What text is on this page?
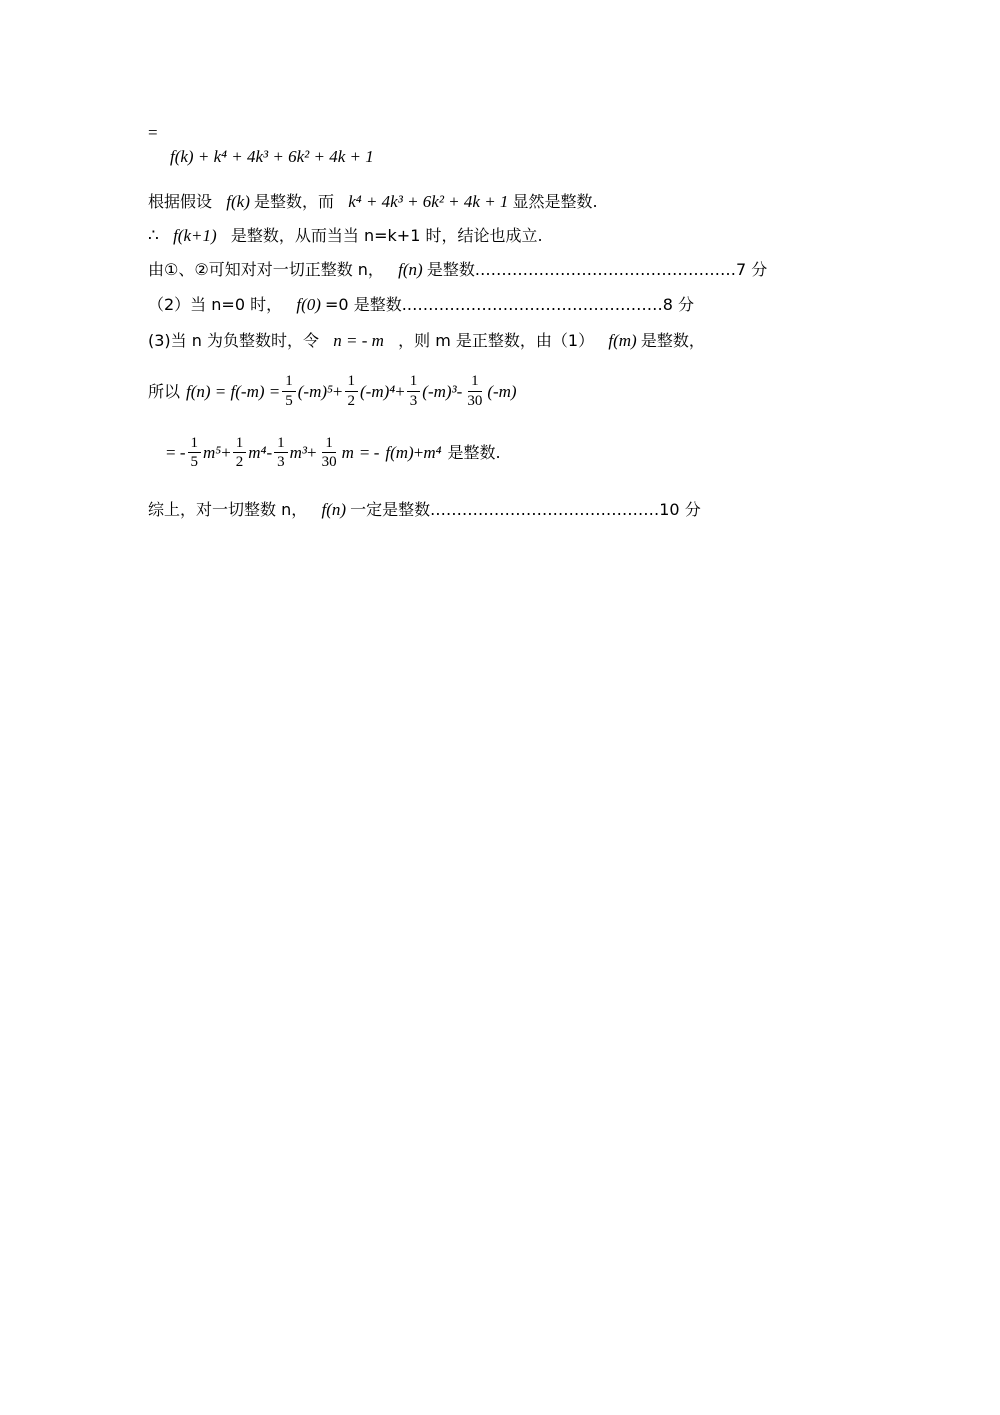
=
f(k) + k⁴ + 4k³ + 6k² + 4k + 1
根据假设 f(k) 是整数，而 k⁴ + 4k³ + 6k² + 4k + 1 显然是整数.
∴ f(k+1) 是整数，从而当当 n=k+1 时，结论也成立.
由①、②可知对对一切正整数 n， f(n) 是整数.…………………………………………7 分
（2）当 n=0 时， f(0) =0 是整数.…………………………………………8 分
(3)当 n 为负整数时，令 n = - m ，则 m 是正整数，由（1） f(m) 是整数，
所以 $f(n) = f(-m) = \frac{1}{5} (-m)^5 + \frac{1}{2} (-m)^4 + \frac{1}{3} (-m)^3 - \frac{1}{30} (-m)$
= - $\frac{1}{5} m^5 + \frac{1}{2} m^4 - \frac{1}{3} m^3 + \frac{1}{30}$ m = - f(m) + m⁴ 是整数.
综上，对一切整数 n， f(n) 一定是整数.……………………………………10 分
